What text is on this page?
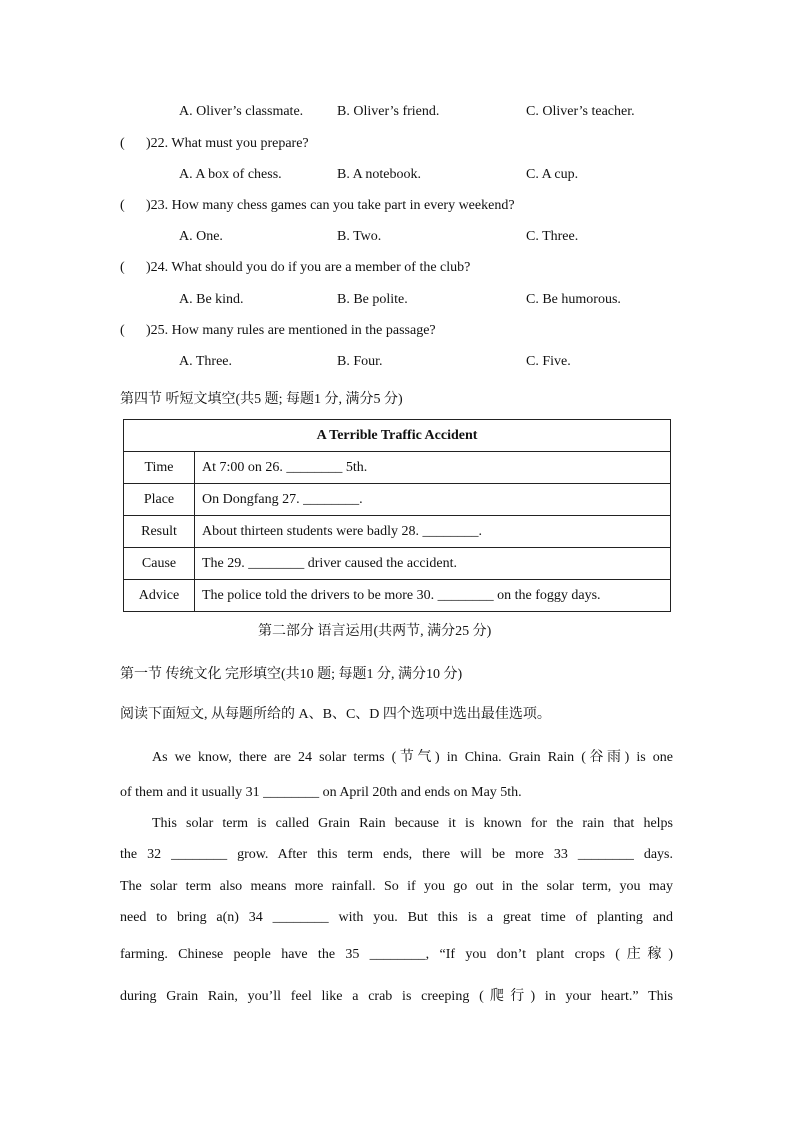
A. Oliver’s classmate. B. Oliver’s friend.	C. Oliver’s teacher.
( )22. What must you prepare?
A. A box of chess.	B. A notebook.	C. A cup.
( )23. How many chess games can you take part in every weekend?
A. One.	B. Two.	C. Three.
( )24. What should you do if you are a member of the club?
A. Be kind.	B. Be polite.	C. Be humorous.
( )25. How many rules are mentioned in the passage?
A. Three.	B. Four.	C. Five.
第四节 听短文填空(共5 题; 每题1 分, 满分5 分)
A Terrible Traffic Accident	
Time	At 7:00 on 26. ________ 5th.
Place	On Dongfang 27. ________.
Result	About thirteen students were badly 28. ________.
Cause	The 29. ________ driver caused the accident.
Advice	The police told the drivers to be more 30. ________ on the foggy days.
第二部分 语言运用(共两节, 满分25 分)
第一节 传统文化 完形填空(共10 题; 每题1 分, 满分10 分)
阅读下面短文, 从每题所给的 A、B、C、D 四个选项中选出最佳选项。
As we know, there are 24 solar terms (节气) in China. Grain Rain (谷雨) is one
of them and it usually 31 ________ on April 20th and ends on May 5th.
This solar term is called Grain Rain because it is known for the rain that helps
the 32 ________ grow. After this term ends, there will be more 33 ________ days.
The solar term also means more rainfall. So if you go out in the solar term, you may
need to bring a(n) 34 ________ with you. But this is a great time of planting and
farming. Chinese people have the 35 ________, “If you don’t plant crops (庄稼)
during Grain Rain, you’ll feel like a crab is creeping (爬行) in your heart.” This
